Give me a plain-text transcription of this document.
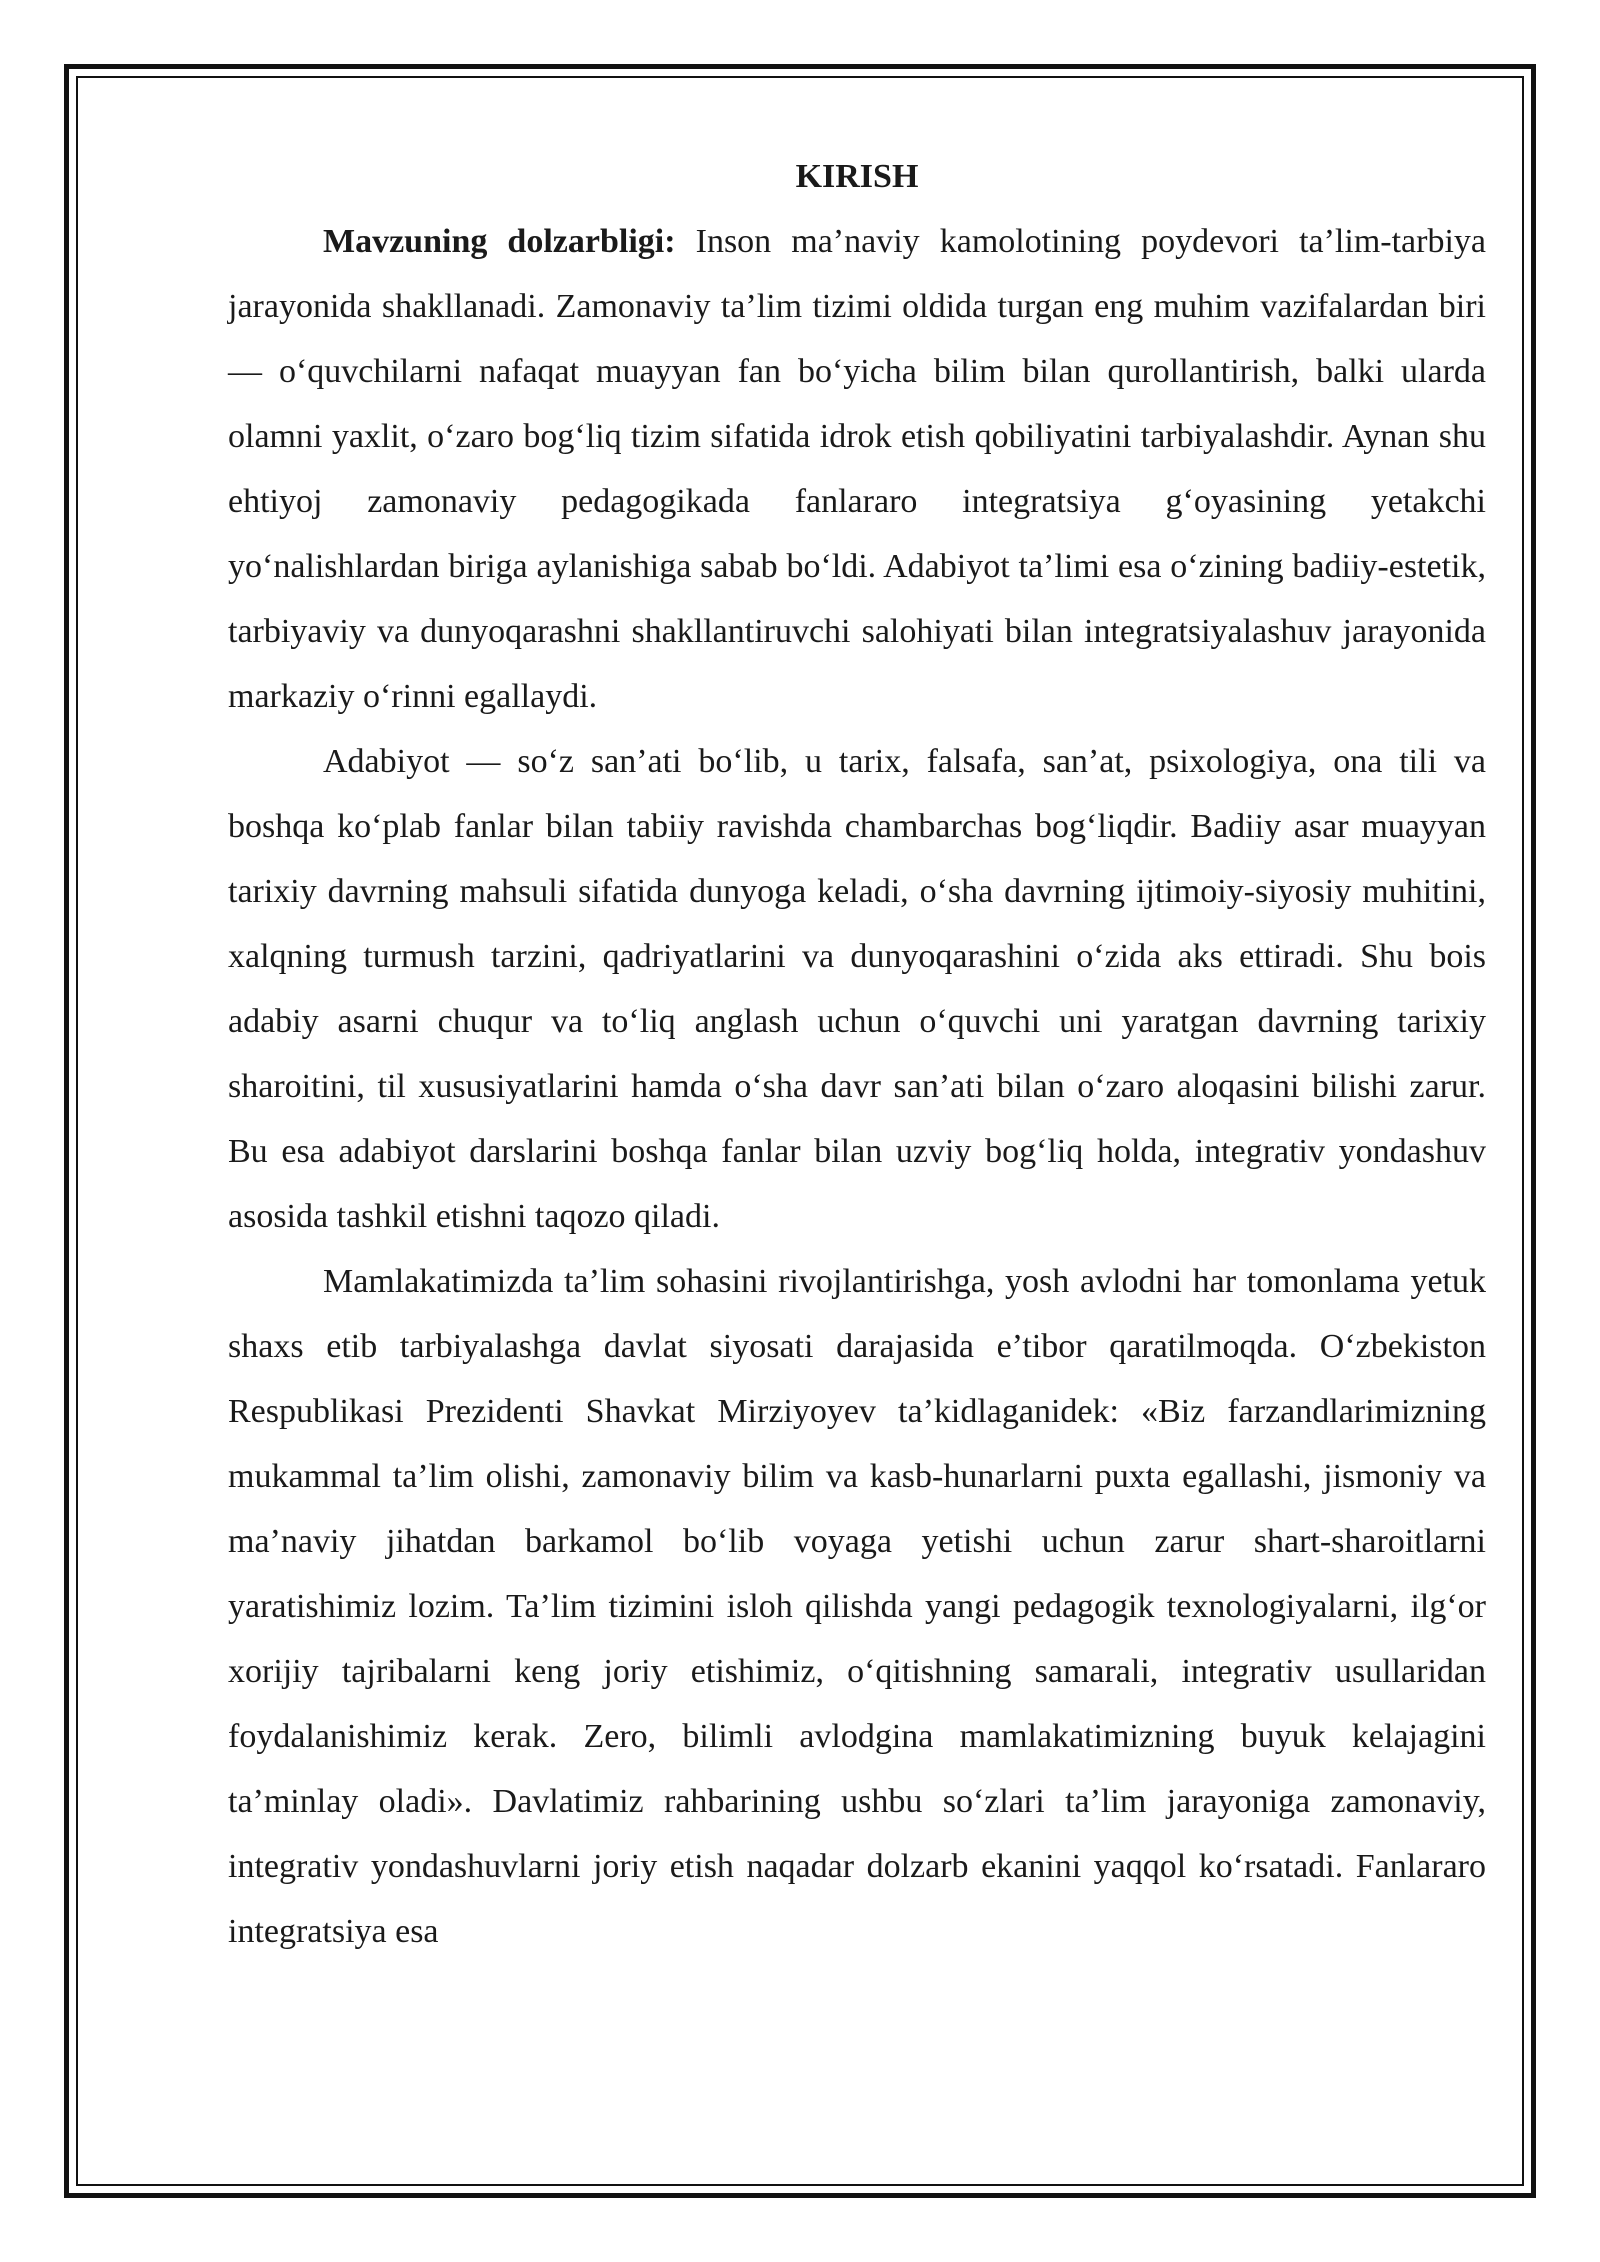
KIRISH

Mavzuning dolzarbligi: Inson ma’naviy kamolotining poydevori ta’lim-tarbiya jarayonida shakllanadi. Zamonaviy ta’lim tizimi oldida turgan eng muhim vazifalardan biri — o‘quvchilarni nafaqat muayyan fan bo‘yicha bilim bilan qurollantirish, balki ularda olamni yaxlit, o‘zaro bog‘liq tizim sifatida idrok etish qobiliyatini tarbiyalashdir. Aynan shu ehtiyoj zamonaviy pedagogikada fanlararo integratsiya g‘oyasining yetakchi yo‘nalishlardan biriga aylanishiga sabab bo‘ldi. Adabiyot ta’limi esa o‘zining badiiy-estetik, tarbiyaviy va dunyoqarashni shakllantiruvchi salohiyati bilan integratsiyalashuv jarayonida markaziy o‘rinni egallaydi.

Adabiyot — so‘z san’ati bo‘lib, u tarix, falsafa, san’at, psixologiya, ona tili va boshqa ko‘plab fanlar bilan tabiiy ravishda chambarchas bog‘liqdir. Badiiy asar muayyan tarixiy davrning mahsuli sifatida dunyoga keladi, o‘sha davrning ijtimoiy-siyosiy muhitini, xalqning turmush tarzini, qadriyatlarini va dunyoqarashini o‘zida aks ettiradi. Shu bois adabiy asarni chuqur va to‘liq anglash uchun o‘quvchi uni yaratgan davrning tarixiy sharoitini, til xususiyatlarini hamda o‘sha davr san’ati bilan o‘zaro aloqasini bilishi zarur. Bu esa adabiyot darslarini boshqa fanlar bilan uzviy bog‘liq holda, integrativ yondashuv asosida tashkil etishni taqozo qiladi.

Mamlakatimizda ta’lim sohasini rivojlantirishga, yosh avlodni har tomonlama yetuk shaxs etib tarbiyalashga davlat siyosati darajasida e’tibor qaratilmoqda. O‘zbekiston Respublikasi Prezidenti Shavkat Mirziyoyev ta’kidlaganidek: «Biz farzandlarimizning mukammal ta’lim olishi, zamonaviy bilim va kasb-hunarlarni puxta egallashi, jismoniy va ma’naviy jihatdan barkamol bo‘lib voyaga yetishi uchun zarur shart-sharoitlarni yaratishimiz lozim. Ta’lim tizimini isloh qilishda yangi pedagogik texnologiyalarni, ilg‘or xorijiy tajribalarni keng joriy etishimiz, o‘qitishning samarali, integrativ usullaridan foydalanishimiz kerak. Zero, bilimli avlodgina mamlakatimizning buyuk kelajagini ta’minlay oladi». Davlatimiz rahbarining ushbu so‘zlari ta’lim jarayoniga zamonaviy, integrativ yondashuvlarni joriy etish naqadar dolzarb ekanini yaqqol ko‘rsatadi. Fanlararo integratsiya esa
